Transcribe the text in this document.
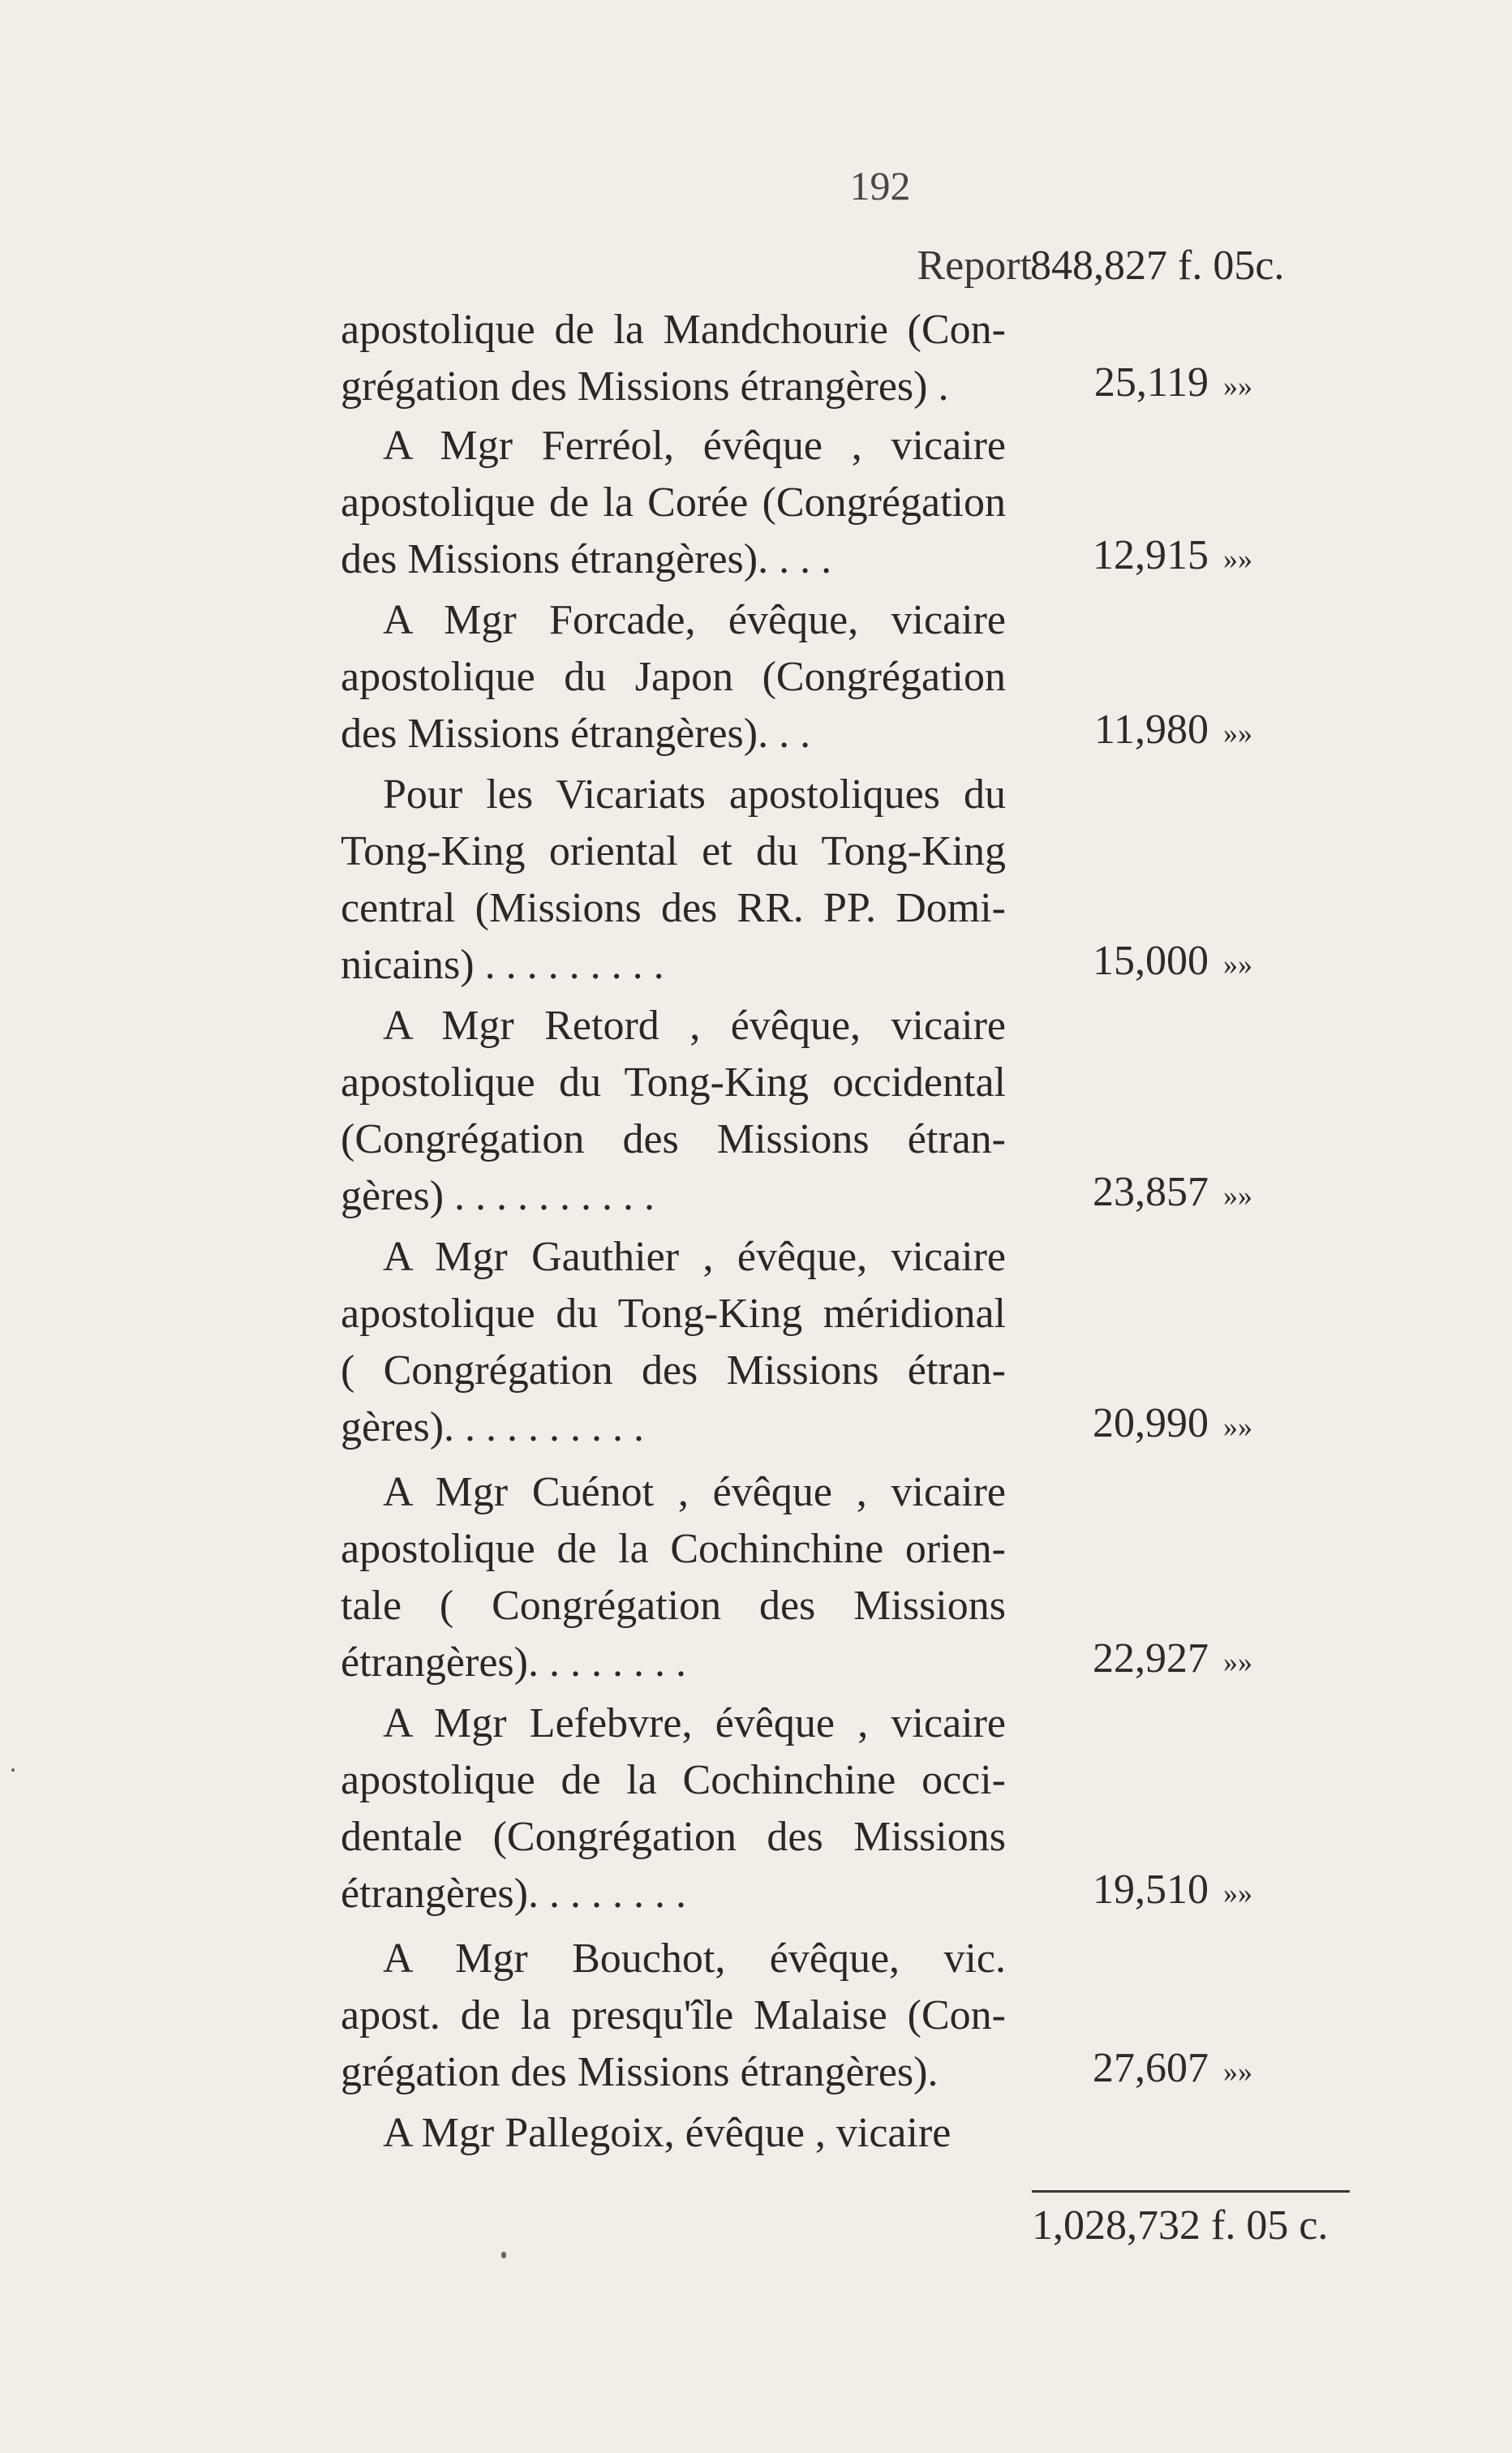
192
Report
848,827 f. 05c.
apostolique de la Mandchourie (Con-
grégation des Missions étrangères) .
A Mgr Ferréol, évêque , vicaire
apostolique de la Corée (Congrégation
des Missions étrangères). . . .
A Mgr Forcade, évêque, vicaire
apostolique du Japon (Congrégation
des Missions étrangères). . .
Pour les Vicariats apostoliques du
Tong-King oriental et du Tong-King
central (Missions des RR. PP. Domi-
nicains) . . . . . . . . .
A Mgr Retord , évêque, vicaire
apostolique du Tong-King occidental
(Congrégation des Missions étran-
gères) . . . . . . . . . .
A Mgr Gauthier , évêque, vicaire
apostolique du Tong-King méridional
( Congrégation des Missions étran-
gères). . . . . . . . . .
A Mgr Cuénot , évêque , vicaire
apostolique de la Cochinchine orien-
tale ( Congrégation des Missions
étrangères). . . . . . . .
A Mgr Lefebvre, évêque , vicaire
apostolique de la Cochinchine occi-
dentale (Congrégation des Missions
étrangères). . . . . . . .
A Mgr Bouchot, évêque, vic.
apost. de la presqu'île Malaise (Con-
grégation des Missions étrangères).
A Mgr Pallegoix, évêque , vicaire
25,119 »»
12,915 »»
11,980 »»
15,000 »»
23,857 »»
20,990 »»
22,927 »»
19,510 »»
27,607 »»
1,028,732 f. 05 c.
